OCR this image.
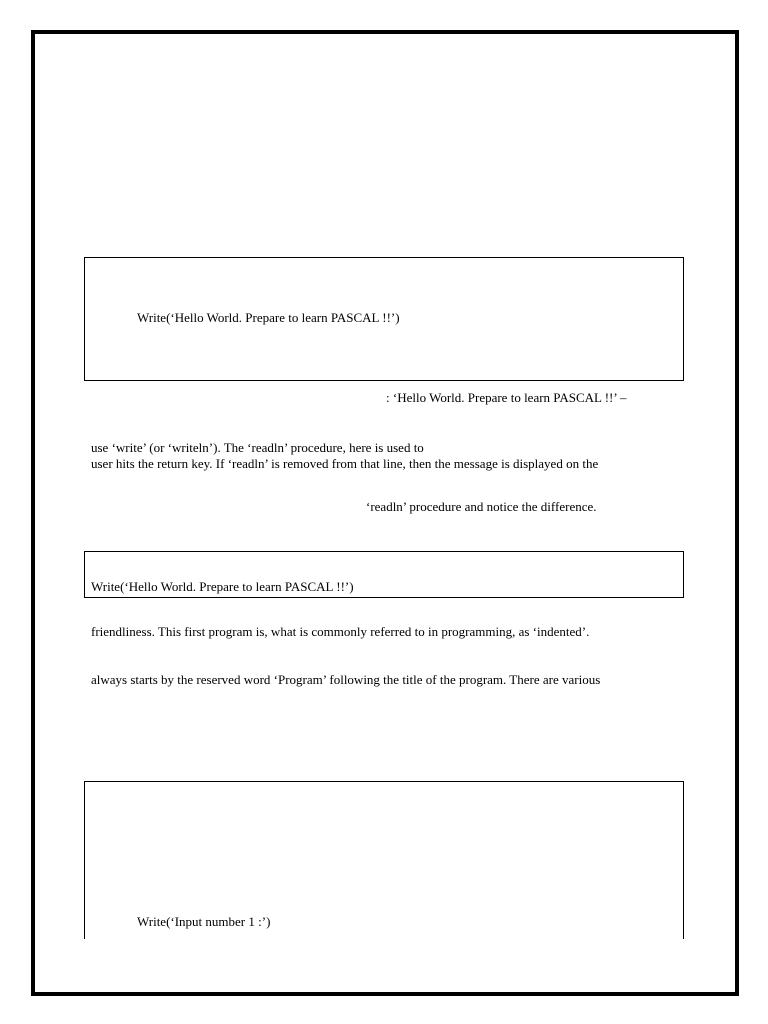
Write(‘Hello World. Prepare to learn PASCAL !!’)
: ‘Hello World. Prepare to learn PASCAL !!’ –
use ‘write’ (or ‘writeln’). The ‘readln’ procedure, here is used to
user hits the return key. If ‘readln’ is removed from that line, then the message is displayed on the
‘readln’ procedure and notice the difference.
Write(‘Hello World. Prepare to learn PASCAL !!’)
friendliness. This first program is, what is commonly referred to in programming, as ‘indented’.
always starts by the reserved word ‘Program’ following the title of the program. There are various
Write(‘Input number 1 :’)
